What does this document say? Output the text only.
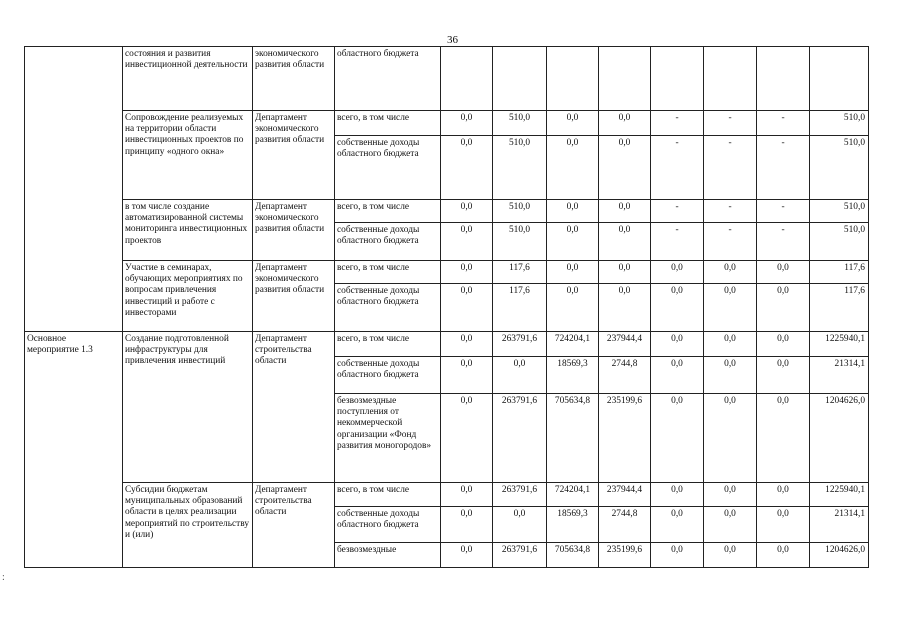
36
	состояния и развития инвестиционной деятельности	экономического развития области	областного бюджета								
	Сопровождение реализуемых на территории области инвестиционных проектов по принципу «одного окна»	Департамент экономического развития области	всего, в том числе	0,0	510,0	0,0	0,0	-	-	-	510,0
			собственные доходы областного бюджета	0,0	510,0	0,0	0,0	-	-	-	510,0
	в том числе создание автоматизированной системы мониторинга инвестиционных проектов	Департамент экономического развития области	всего, в том числе	0,0	510,0	0,0	0,0	-	-	-	510,0
			собственные доходы областного бюджета	0,0	510,0	0,0	0,0	-	-	-	510,0
	Участие в семинарах, обучающих мероприятиях по вопросам привлечения инвестиций и работе с инвесторами	Департамент экономического развития области	всего, в том числе	0,0	117,6	0,0	0,0	0,0	0,0	0,0	117,6
			собственные доходы областного бюджета	0,0	117,6	0,0	0,0	0,0	0,0	0,0	117,6
Основное мероприятие 1.3	Создание подготовленной инфраструктуры для привлечения инвестиций	Департамент строительства области	всего, в том числе	0,0	263791,6	724204,1	237944,4	0,0	0,0	0,0	1225940,1
			собственные доходы областного бюджета	0,0	0,0	18569,3	2744,8	0,0	0,0	0,0	21314,1
			безвозмездные поступления от некоммерческой организации «Фонд развития моногородов»	0,0	263791,6	705634,8	235199,6	0,0	0,0	0,0	1204626,0
	Субсидии бюджетам муниципальных образований области в целях реализации мероприятий по строительству и (или)	Департамент строительства области	всего, в том числе	0,0	263791,6	724204,1	237944,4	0,0	0,0	0,0	1225940,1
			собственные доходы областного бюджета	0,0	0,0	18569,3	2744,8	0,0	0,0	0,0	21314,1
			безвозмездные	0,0	263791,6	705634,8	235199,6	0,0	0,0	0,0	1204626,0
:
